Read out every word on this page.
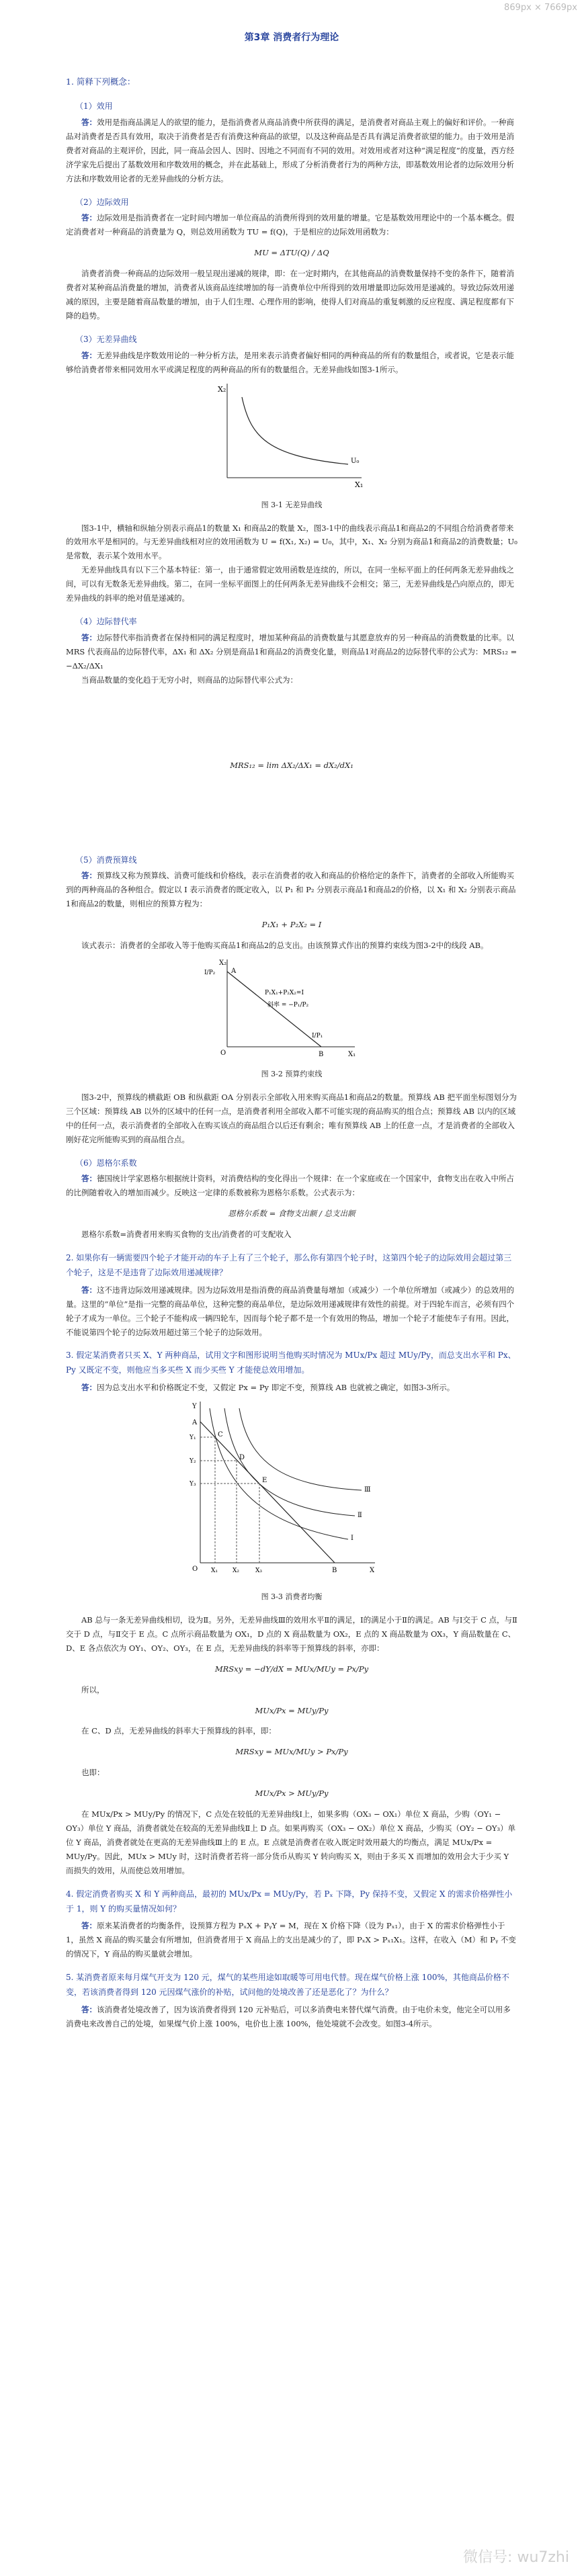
869px × 7669px
第3章 消费者行为理论
1. 简释下列概念：
（1）效用

答：效用是指商品满足人的欲望的能力，是指消费者从商品消费中所获得的满足，是消费者对商品主观上的偏好和评价。一种商品对消费者是否具有效用，取决于消费者是否有消费这种商品的欲望，以及这种商品是否具有满足消费者欲望的能力。由于效用是消费者对商品的主观评价，因此，同一商品会因人、因时、因地之不同而有不同的效用。对效用或者对这种“满足程度”的度量，西方经济学家先后提出了基数效用和序数效用的概念，并在此基础上，形成了分析消费者行为的两种方法，即基数效用论者的边际效用分析方法和序数效用论者的无差异曲线的分析方法。

（2）边际效用

答：边际效用是指消费者在一定时间内增加一单位商品的消费所得到的效用量的增量。它是基数效用理论中的一个基本概念。假定消费者对一种商品的消费量为 Q，则总效用函数为 TU = f(Q)，于是相应的边际效用函数为：

MU = ΔTU(Q) / ΔQ

消费者消费一种商品的边际效用一般呈现出递减的规律，即：在一定时期内，在其他商品的消费数量保持不变的条件下，随着消费者对某种商品消费量的增加，消费者从该商品连续增加的每一消费单位中所得到的效用增量即边际效用是递减的。导致边际效用递减的原因，主要是随着商品数量的增加，由于人们生理、心理作用的影响，使得人们对商品的重复刺激的反应程度、满足程度都有下降的趋势。

（3）无差异曲线

答：无差异曲线是序数效用论的一种分析方法，是用来表示消费者偏好相同的两种商品的所有的数量组合，或者说，它是表示能够给消费者带来相同效用水平或满足程度的两种商品的所有的数量组合。无差异曲线如图3-1所示。

X₂
X₁
U₀
图 3-1 无差异曲线

图3-1中，横轴和纵轴分别表示商品1的数量 X₁ 和商品2的数量 X₂，图3-1中的曲线表示商品1和商品2的不同组合给消费者带来的效用水平是相同的。与无差异曲线相对应的效用函数为 U = f(X₁, X₂) = U₀，其中，X₁、X₂ 分别为商品1和商品2的消费数量；U₀ 是常数，表示某个效用水平。

无差异曲线具有以下三个基本特征：第一，由于通常假定效用函数是连续的，所以，在同一坐标平面上的任何两条无差异曲线之间，可以有无数条无差异曲线。第二，在同一坐标平面图上的任何两条无差异曲线不会相交；第三，无差异曲线是凸向原点的，即无差异曲线的斜率的绝对值是递减的。

（4）边际替代率

答：边际替代率指消费者在保持相同的满足程度时，增加某种商品的消费数量与其愿意放弃的另一种商品的消费数量的比率。以 MRS 代表商品的边际替代率，ΔX₁ 和 ΔX₂ 分别是商品1和商品2的消费变化量，则商品1对商品2的边际替代率的公式为：MRS₁₂ = −ΔX₂/ΔX₁

当商品数量的变化趋于无穷小时，则商品的边际替代率公式为：

MRS₁₂ = lim ΔX₂/ΔX₁ = dX₂/dX₁
（5）消费预算线

答：预算线又称为预算线、消费可能线和价格线，表示在消费者的收入和商品的价格给定的条件下，消费者的全部收入所能购买到的两种商品的各种组合。假定以 I 表示消费者的既定收入，以 P₁ 和 P₂ 分别表示商品1和商品2的价格，以 X₁ 和 X₂ 分别表示商品1和商品2的数量，则相应的预算方程为：

P₁X₁ + P₂X₂ = I

该式表示：消费者的全部收入等于他购买商品1和商品2的总支出。由该预算式作出的预算约束线为图3-2中的线段 AB。

X₂
X₁
A
B
O
I/P₂
I/P₁
P₁X₁+P₂X₂=I
斜率 = −P₁/P₂
图 3-2 预算约束线

图3-2中，预算线的横截距 OB 和纵截距 OA 分别表示全部收入用来购买商品1和商品2的数量。预算线 AB 把平面坐标图划分为三个区域：预算线 AB 以外的区域中的任何一点，是消费者利用全部收入都不可能实现的商品购买的组合点；预算线 AB 以内的区域中的任何一点，表示消费者的全部收入在购买该点的商品组合以后还有剩余；唯有预算线 AB 上的任意一点，才是消费者的全部收入刚好花完所能购买到的商品组合点。

（6）恩格尔系数

答：德国统计学家恩格尔根据统计资料，对消费结构的变化得出一个规律：在一个家庭或在一个国家中，食物支出在收入中所占的比例随着收入的增加而减少。反映这一定律的系数被称为恩格尔系数。公式表示为：

恩格尔系数 = 食物支出额 / 总支出额

恩格尔系数=消费者用来购买食物的支出/消费者的可支配收入

2. 如果你有一辆需要四个轮子才能开动的车子上有了三个轮子，那么你有第四个轮子时，这第四个轮子的边际效用会超过第三个轮子，这是不是违背了边际效用递减规律？

答：这不违背边际效用递减规律。因为边际效用是指消费的商品消费量每增加（或减少）一个单位所增加（或减少）的总效用的量。这里的“单位”是指一完整的商品单位，这种完整的商品单位，是边际效用递减规律有效性的前提。对于四轮车而言，必须有四个轮子才成为一单位。三个轮子不能构成一辆四轮车，因而每个轮子都不是一个有效用的物品，增加一个轮子才能使车子有用。因此，不能说第四个轮子的边际效用超过第三个轮子的边际效用。

3. 假定某消费者只买 X、Y 两种商品，试用文字和图形说明当他购买时情况为 MUx/Px 超过 MUy/Py，而总支出水平和 Px、Py 又既定不变，则他应当多买些 X 而少买些 Y 才能使总效用增加。

答：因为总支出水平和价格既定不变，又假定 Px = Py 即定不变，预算线 AB 也就被之确定，如图3-3所示。

Y
X
O
A
B
C
D
E
Y₁
Y₂
Y₃
X₁ X₂	X₃
Ⅰ
Ⅱ
Ⅲ
图 3-3 消费者均衡

AB 总与一条无差异曲线相切，设为Ⅱ。另外，无差异曲线Ⅲ的效用水平Ⅱ的满足，Ⅰ的满足小于Ⅱ的满足。AB 与Ⅰ交于 C 点，与Ⅱ交于 D 点，与Ⅱ交于 E 点。C 点所示商品数量为 OX₁，D 点的 X 商品数量为 OX₂，E 点的 X 商品数量为 OX₃，Y 商品数量在 C、D、E 各点依次为 OY₁、OY₂、OY₃，在 E 点，无差异曲线的斜率等于预算线的斜率，亦即：

MRSxy = −dY/dX = MUx/MUy = Px/Py

所以，

MUx/Px = MUy/Py

在 C、D 点，无差异曲线的斜率大于预算线的斜率，即：

MRSxy = MUx/MUy > Px/Py

也即：

MUx/Px > MUy/Py

在 MUx/Px > MUy/Py 的情况下，C 点处在较低的无差异曲线Ⅰ上，如果多购（OX₃ − OX₁）单位 X 商品，少购（OY₁ − OY₃）单位 Y 商品，消费者就处在较高的无差异曲线Ⅱ上 D 点。如果再购买（OX₃ − OX₂）单位 X 商品，少购买（OY₂ − OY₃）单位 Y 商品，消费者就处在更高的无差异曲线Ⅲ上的 E 点。E 点就是消费者在收入既定时效用最大的均衡点，满足 MUx/Px = MUy/Py。因此，MUx > MUy 时，这时消费者若将一部分货币从购买 Y 转向购买 X，则由于多买 X 而增加的效用会大于少买 Y 而损失的效用，从而使总效用增加。

4. 假定消费者购买 X 和 Y 两种商品，最初的 MUx/Px = MUy/Py，若 Pₓ 下降，Py 保持不变，又假定 X 的需求价格弹性小于 1，则 Y 的购买量情况如何？

答：原来某消费者的均衡条件，设预算方程为 PₓX + PᵧY = M，现在 X 价格下降（设为 Pₓ₁），由于 X 的需求价格弹性小于 1，虽然 X 商品的购买量会有所增加，但消费者用于 X 商品上的支出是减少的了，即 PₓX > Pₓ₁X₁。这样，在收入（M）和 Pᵧ 不变的情况下，Y 商品的购买量就会增加。

5. 某消费者原来每月煤气开支为 120 元，煤气的某些用途如取暖等可用电代替。现在煤气价格上涨 100%，其他商品价格不变，若该消费者得到 120 元因煤气涨价的补贴，试问他的处境改善了还是恶化了？为什么？

答：该消费者处境改善了，因为该消费者得到 120 元补贴后，可以多消费电来替代煤气消费。由于电价未变，他完全可以用多消费电来改善自己的处境，如果煤气价上涨 100%，电价也上涨 100%，他处境就不会改变。如图3-4所示。

微信号: wu7zhi
